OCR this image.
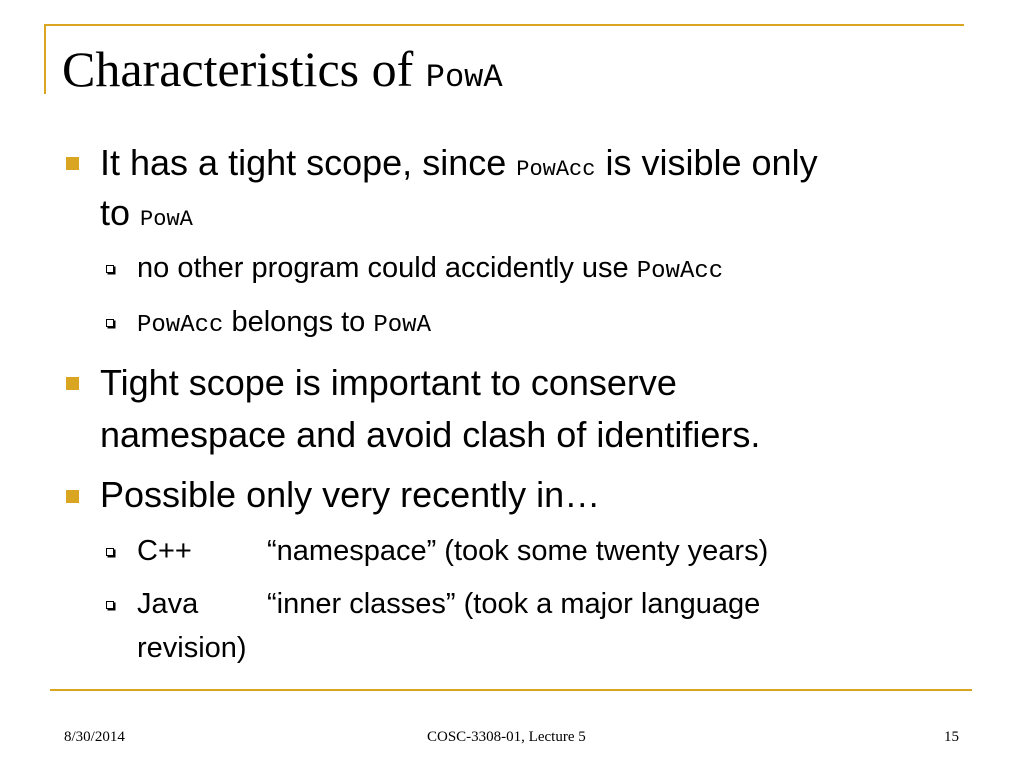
Characteristics of PowA
It has a tight scope, since PowAcc is visible only
to PowA
no other program could accidently use PowAcc
PowAcc belongs to PowA
Tight scope is important to conserve
namespace and avoid clash of identifiers.
Possible only very recently in…
C++	“namespace” (took some twenty years)
Java “inner classes” (took a major language
revision)
8/30/2014	COSC-3308-01, Lecture 5	15
